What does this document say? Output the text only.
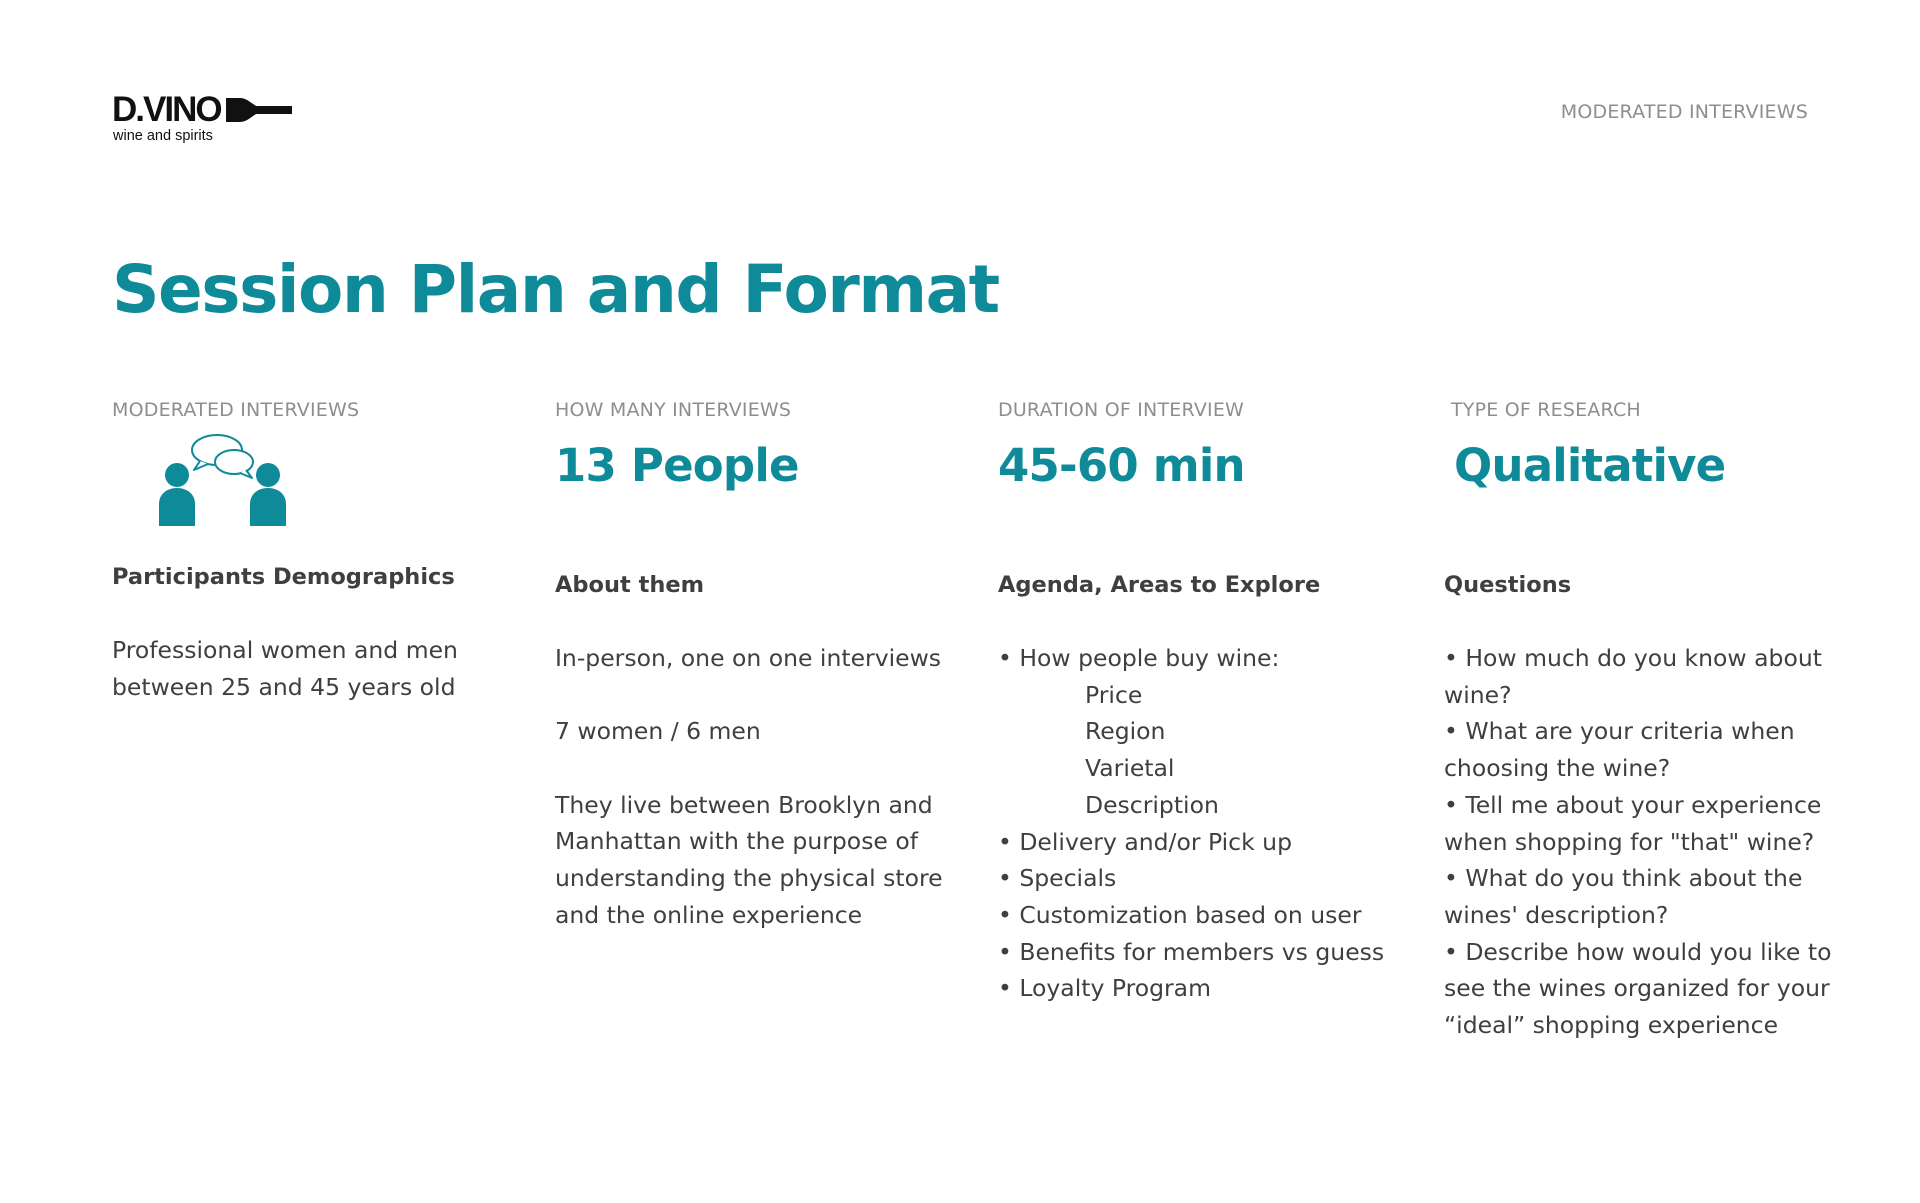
D.VINO
wine and spirits
MODERATED INTERVIEWS
Session Plan and Format
MODERATED INTERVIEWS
Participants Demographics

Professional women and men

between 25 and 45 years old

HOW MANY INTERVIEWS
13 People
About them

In-person, one on one interviews

7 women / 6 men

They live between Brooklyn and

Manhattan with the purpose of

understanding the physical store

and the online experience

DURATION OF INTERVIEW
45-60 min
Agenda, Areas to Explore

• How people buy wine:

Price

Region

Varietal

Description

• Delivery and/or Pick up

• Specials

• Customization based on user

• Benefits for members vs guess

• Loyalty Program

TYPE OF RESEARCH
Qualitative
Questions

• How much do you know about

wine?

• What are your criteria when

choosing the wine?

• Tell me about your experience

when shopping for "that" wine?

• What do you think about the

wines' description?

• Describe how would you like to

see the wines organized for your

“ideal” shopping experience
